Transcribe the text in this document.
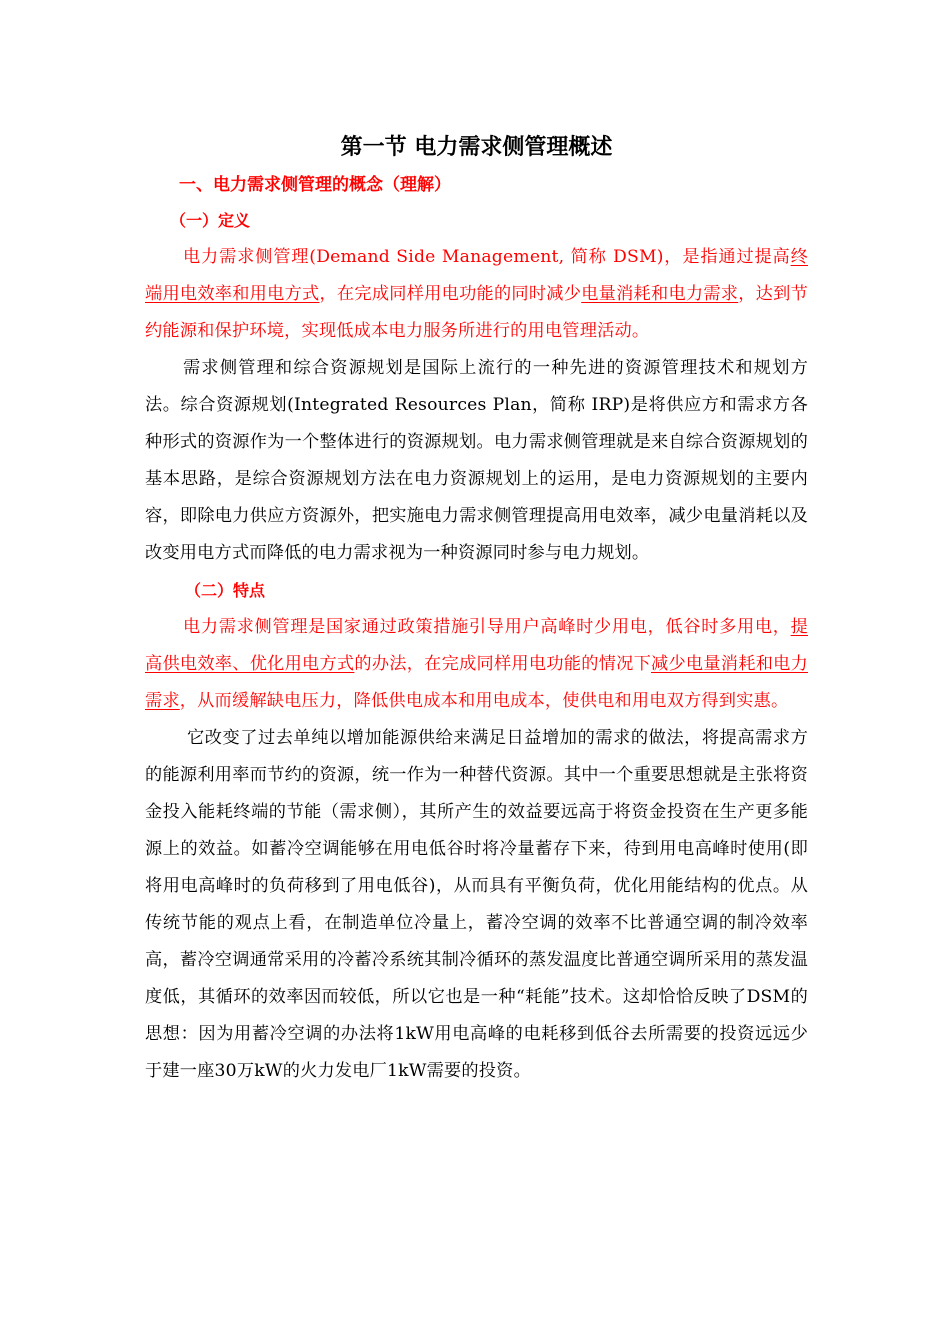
第一节 电力需求侧管理概述
一、电力需求侧管理的概念（理解）
（一）定义

电力需求侧管理(Demand Side Management, 简称 DSM)，是指通过提高终端用电效率和用电方式，在完成同样用电功能的同时减少电量消耗和电力需求，达到节约能源和保护环境，实现低成本电力服务所进行的用电管理活动。

需求侧管理和综合资源规划是国际上流行的一种先进的资源管理技术和规划方法。综合资源规划(Integrated Resources Plan，简称 IRP)是将供应方和需求方各种形式的资源作为一个整体进行的资源规划。电力需求侧管理就是来自综合资源规划的基本思路，是综合资源规划方法在电力资源规划上的运用，是电力资源规划的主要内容，即除电力供应方资源外，把实施电力需求侧管理提高用电效率，减少电量消耗以及改变用电方式而降低的电力需求视为一种资源同时参与电力规划。

（二）特点

电力需求侧管理是国家通过政策措施引导用户高峰时少用电，低谷时多用电，提高供电效率、优化用电方式的办法，在完成同样用电功能的情况下减少电量消耗和电力需求，从而缓解缺电压力，降低供电成本和用电成本，使供电和用电双方得到实惠。

它改变了过去单纯以增加能源供给来满足日益增加的需求的做法，将提高需求方的能源利用率而节约的资源，统一作为一种替代资源。其中一个重要思想就是主张将资金投入能耗终端的节能（需求侧），其所产生的效益要远高于将资金投资在生产更多能源上的效益。如蓄冷空调能够在用电低谷时将冷量蓄存下来，待到用电高峰时使用(即将用电高峰时的负荷移到了用电低谷)，从而具有平衡负荷，优化用能结构的优点。从传统节能的观点上看，在制造单位冷量上，蓄冷空调的效率不比普通空调的制冷效率高，蓄冷空调通常采用的冷蓄冷系统其制冷循环的蒸发温度比普通空调所采用的蒸发温度低，其循环的效率因而较低，所以它也是一种“耗能”技术。这却恰恰反映了DSM的思想：因为用蓄冷空调的办法将1kW用电高峰的电耗移到低谷去所需要的投资远远少于建一座30万kW的火力发电厂1kW需要的投资。
